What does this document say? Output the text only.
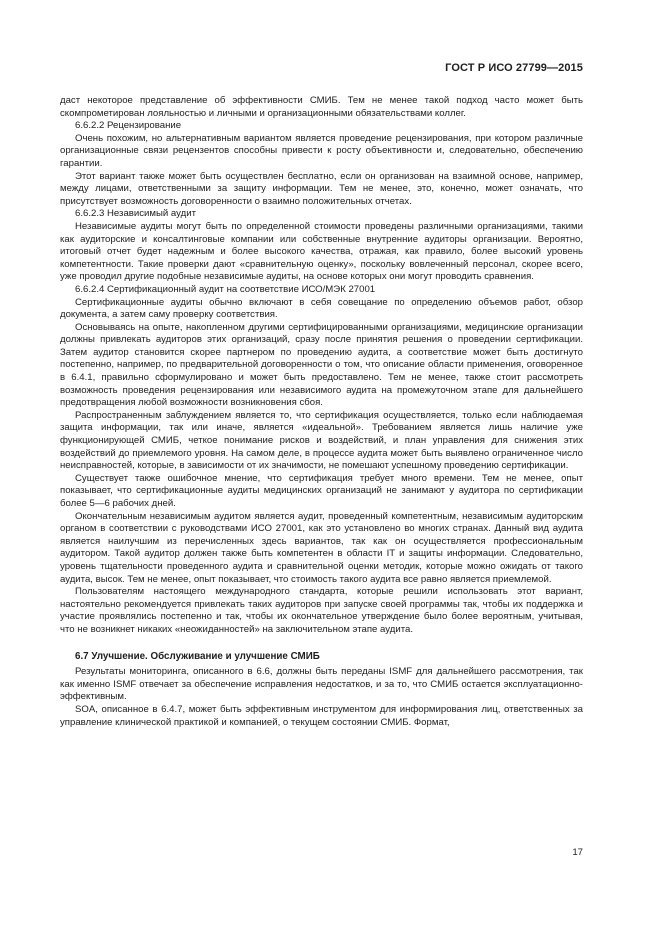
ГОСТ Р ИСО 27799—2015

даст некоторое представление об эффективности СМИБ. Тем не менее такой подход часто может быть скомпрометирован лояльностью и личными и организационными обязательствами коллег.

6.6.2.2 Рецензирование

Очень похожим, но альтернативным вариантом является проведение рецензирования, при котором различные организационные связи рецензентов способны привести к росту объективности и, следовательно, обеспечению гарантии.

Этот вариант также может быть осуществлен бесплатно, если он организован на взаимной основе, например, между лицами, ответственными за защиту информации. Тем не менее, это, конечно, может означать, что присутствует возможность договоренности о взаимно положительных отчетах.

6.6.2.3 Независимый аудит

Независимые аудиты могут быть по определенной стоимости проведены различными организациями, такими как аудиторские и консалтинговые компании или собственные внутренние аудиторы организации. Вероятно, итоговый отчет будет надежным и более высокого качества, отражая, как правило, более высокий уровень компетентности. Такие проверки дают «сравнительную оценку», поскольку вовлеченный персонал, скорее всего, уже проводил другие подобные независимые аудиты, на основе которых они могут проводить сравнения.

6.6.2.4 Сертификационный аудит на соответствие ИСО/МЭК 27001

Сертификационные аудиты обычно включают в себя совещание по определению объемов работ, обзор документа, а затем саму проверку соответствия.

Основываясь на опыте, накопленном другими сертифицированными организациями, медицинские организации должны привлекать аудиторов этих организаций, сразу после принятия решения о проведении сертификации. Затем аудитор становится скорее партнером по проведению аудита, а соответствие может быть достигнуто постепенно, например, по предварительной договоренности о том, что описание области применения, оговоренное в 6.4.1, правильно сформулировано и может быть предоставлено. Тем не менее, также стоит рассмотреть возможность проведения рецензирования или независимого аудита на промежуточном этапе для дальнейшего предотвращения любой возможности возникновения сбоя.

Распространенным заблуждением является то, что сертификация осуществляется, только если наблюдаемая защита информации, так или иначе, является «идеальной». Требованием является лишь наличие уже функционирующей СМИБ, четкое понимание рисков и воздействий, и план управления для снижения этих воздействий до приемлемого уровня. На самом деле, в процессе аудита может быть выявлено ограниченное число неисправностей, которые, в зависимости от их значимости, не помешают успешному проведению сертификации.

Существует также ошибочное мнение, что сертификация требует много времени. Тем не менее, опыт показывает, что сертификационные аудиты медицинских организаций не занимают у аудитора по сертификации более 5—6 рабочих дней.

Окончательным независимым аудитом является аудит, проведенный компетентным, независимым аудиторским органом в соответствии с руководствами ИСО 27001, как это установлено во многих странах. Данный вид аудита является наилучшим из перечисленных здесь вариантов, так как он осуществляется профессиональным аудитором. Такой аудитор должен также быть компетентен в области IT и защиты информации. Следовательно, уровень тщательности проведенного аудита и сравнительной оценки методик, которые можно ожидать от такого аудита, высок. Тем не менее, опыт показывает, что стоимость такого аудита все равно является приемлемой.

Пользователям настоящего международного стандарта, которые решили использовать этот вариант, настоятельно рекомендуется привлекать таких аудиторов при запуске своей программы так, чтобы их поддержка и участие проявлялись постепенно и так, чтобы их окончательное утверждение было более вероятным, учитывая, что не возникнет никаких «неожиданностей» на заключительном этапе аудита.

6.7 Улучшение. Обслуживание и улучшение СМИБ

Результаты мониторинга, описанного в 6.6, должны быть переданы ISMF для дальнейшего рассмотрения, так как именно ISMF отвечает за обеспечение исправления недостатков, и за то, что СМИБ остается эксплуатационно-эффективным.

SOA, описанное в 6.4.7, может быть эффективным инструментом для информирования лиц, ответственных за управление клинической практикой и компанией, о текущем состоянии СМИБ. Формат,

17
